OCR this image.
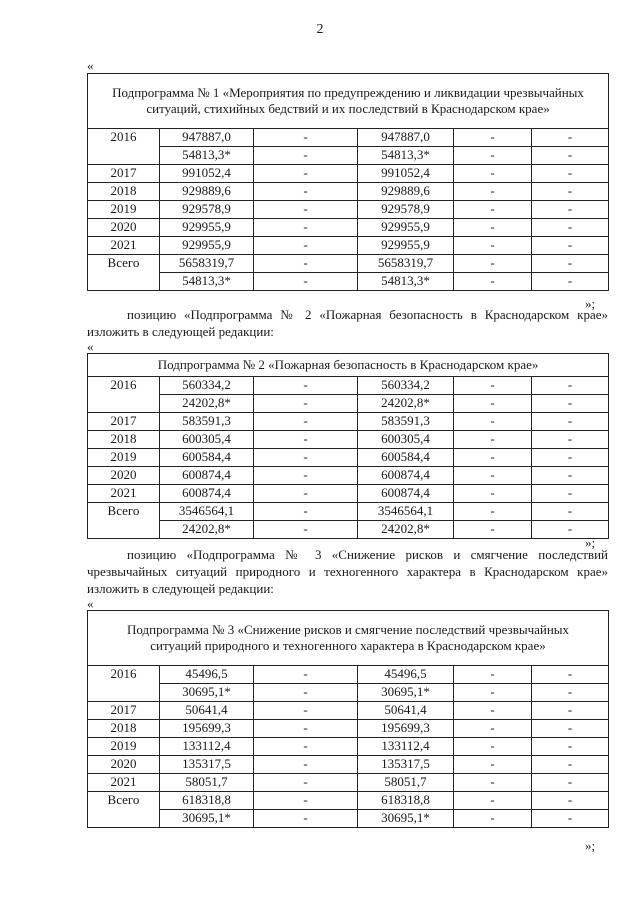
2
«
Подпрограмма № 1 «Мероприятия по предупреждению и ликвидации чрезвычайных ситуаций, стихийных бедствий и их последствий в Краснодарском крае»					
2016	947887,0	-	947887,0	-	-
	54813,3*	-	54813,3*	-	-
2017	991052,4	-	991052,4	-	-
2018	929889,6	-	929889,6	-	-
2019	929578,9	-	929578,9	-	-
2020	929955,9	-	929955,9	-	-
2021	929955,9	-	929955,9	-	-
Всего	5658319,7	-	5658319,7	-	-
	54813,3*	-	54813,3*	-	-
»;
позицию «Подпрограмма № 2 «Пожарная безопасность в Краснодарском крае» изложить в следующей редакции:
«
Подпрограмма № 2 «Пожарная безопасность в Краснодарском крае»					
2016	560334,2	-	560334,2	-	-
	24202,8*	-	24202,8*	-	-
2017	583591,3	-	583591,3	-	-
2018	600305,4	-	600305,4	-	-
2019	600584,4	-	600584,4	-	-
2020	600874,4	-	600874,4	-	-
2021	600874,4	-	600874,4	-	-
Всего	3546564,1	-	3546564,1	-	-
	24202,8*	-	24202,8*	-	-
»;
позицию «Подпрограмма № 3 «Снижение рисков и смягчение последствий чрезвычайных ситуаций природного и техногенного характера в Краснодарском крае» изложить в следующей редакции:
«
Подпрограмма № 3 «Снижение рисков и смягчение последствий чрезвычайных ситуаций природного и техногенного характера в Краснодарском крае»					
2016	45496,5	-	45496,5	-	-
	30695,1*	-	30695,1*	-	-
2017	50641,4	-	50641,4	-	-
2018	195699,3	-	195699,3	-	-
2019	133112,4	-	133112,4	-	-
2020	135317,5	-	135317,5	-	-
2021	58051,7	-	58051,7	-	-
Всего	618318,8	-	618318,8	-	-
	30695,1*	-	30695,1*	-	-
»;
